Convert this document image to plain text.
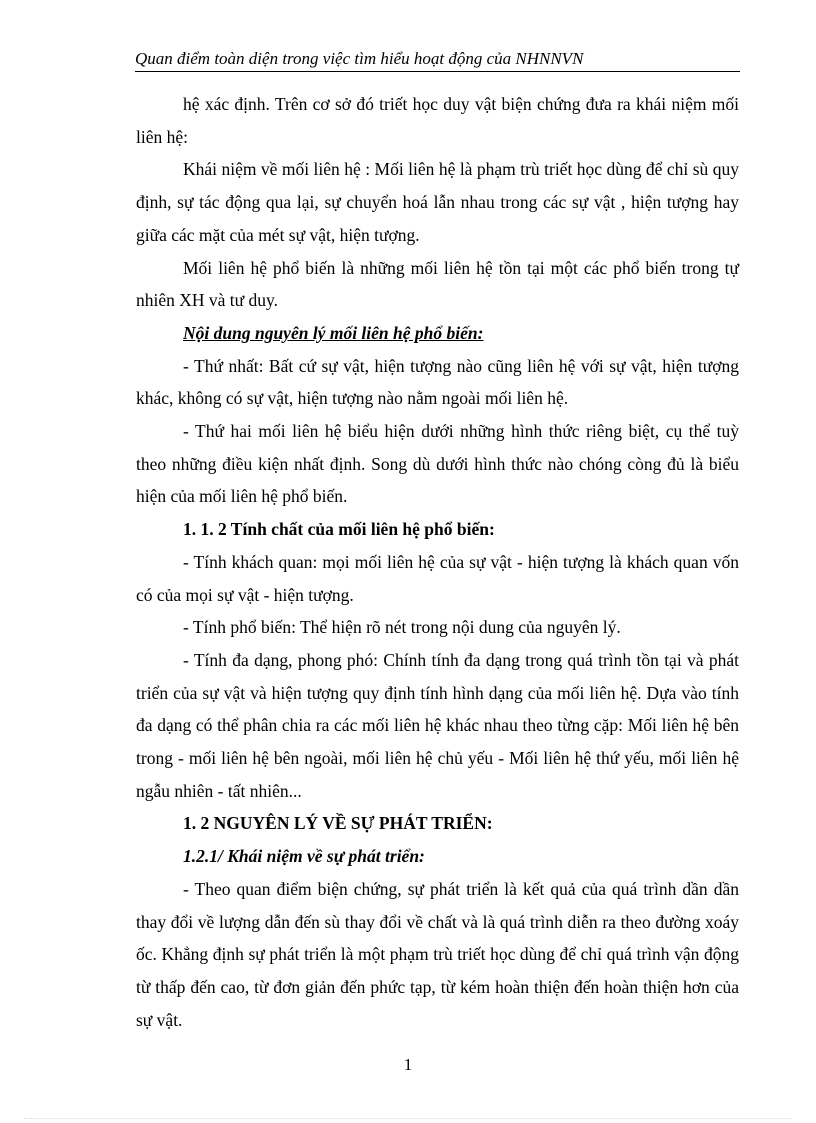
Quan điểm toàn diện trong việc tìm hiểu hoạt động của NHNNVN

hệ xác định. Trên cơ sở đó triết học duy vật biện chứng đưa ra khái niệm mối liên hệ:

Khái niệm về mối liên hệ : Mối liên hệ là phạm trù triết học dùng để chỉ sù quy định, sự tác động qua lại, sự chuyển hoá lẫn nhau trong các sự vật , hiện tượng hay giữa các mặt của mét sự vật, hiện tượng.

Mối liên hệ phổ biến là những mối liên hệ tồn tại một các phổ biến trong tự nhiên XH và tư duy.

Nội dung nguyên lý mối liên hệ phổ biến:

- Thứ nhất: Bất cứ sự vật, hiện tượng nào cũng liên hệ với sự vật, hiện tượng khác, không có sự vật, hiện tượng nào nằm ngoài mối liên hệ.

- Thứ hai mối liên hệ biểu hiện dưới những hình thức riêng biệt, cụ thể tuỳ theo những điều kiện nhất định. Song dù dưới hình thức nào chóng còng đủ là biểu hiện của mối liên hệ phổ biến.

1. 1. 2 Tính chất của mối liên hệ phổ biến:

- Tính khách quan: mọi mối liên hệ của sự vật - hiện tượng là khách quan vốn có của mọi sự vật - hiện tượng.

- Tính phổ biến: Thể hiện rõ nét trong nội dung của nguyên lý.

- Tính đa dạng, phong phó: Chính tính đa dạng trong quá trình tồn tại và phát triển của sự vật và hiện tượng quy định tính hình dạng của mối liên hệ. Dựa vào tính đa dạng có thể phân chia ra các mối liên hệ khác nhau theo từng cặp: Mối liên hệ bên trong - mối liên hệ bên ngoài, mối liên hệ chủ yếu - Mối liên hệ thứ yếu, mối liên hệ ngẫu nhiên - tất nhiên...

1. 2 NGUYÊN LÝ VỀ SỰ PHÁT TRIỂN:

1.2.1/ Khái niệm về sự phát triển:

- Theo quan điểm biện chứng, sự phát triển là kết quả của quá trình dần dần thay đổi về lượng dẫn đến sù thay đổi về chất và là quá trình diễn ra theo đường xoáy ốc. Khẳng định sự phát triển là một phạm trù triết học dùng để chỉ quá trình vận động từ thấp đến cao, từ đơn giản đến phức tạp, từ kém hoàn thiện đến hoàn thiện hơn của sự vật.

1
